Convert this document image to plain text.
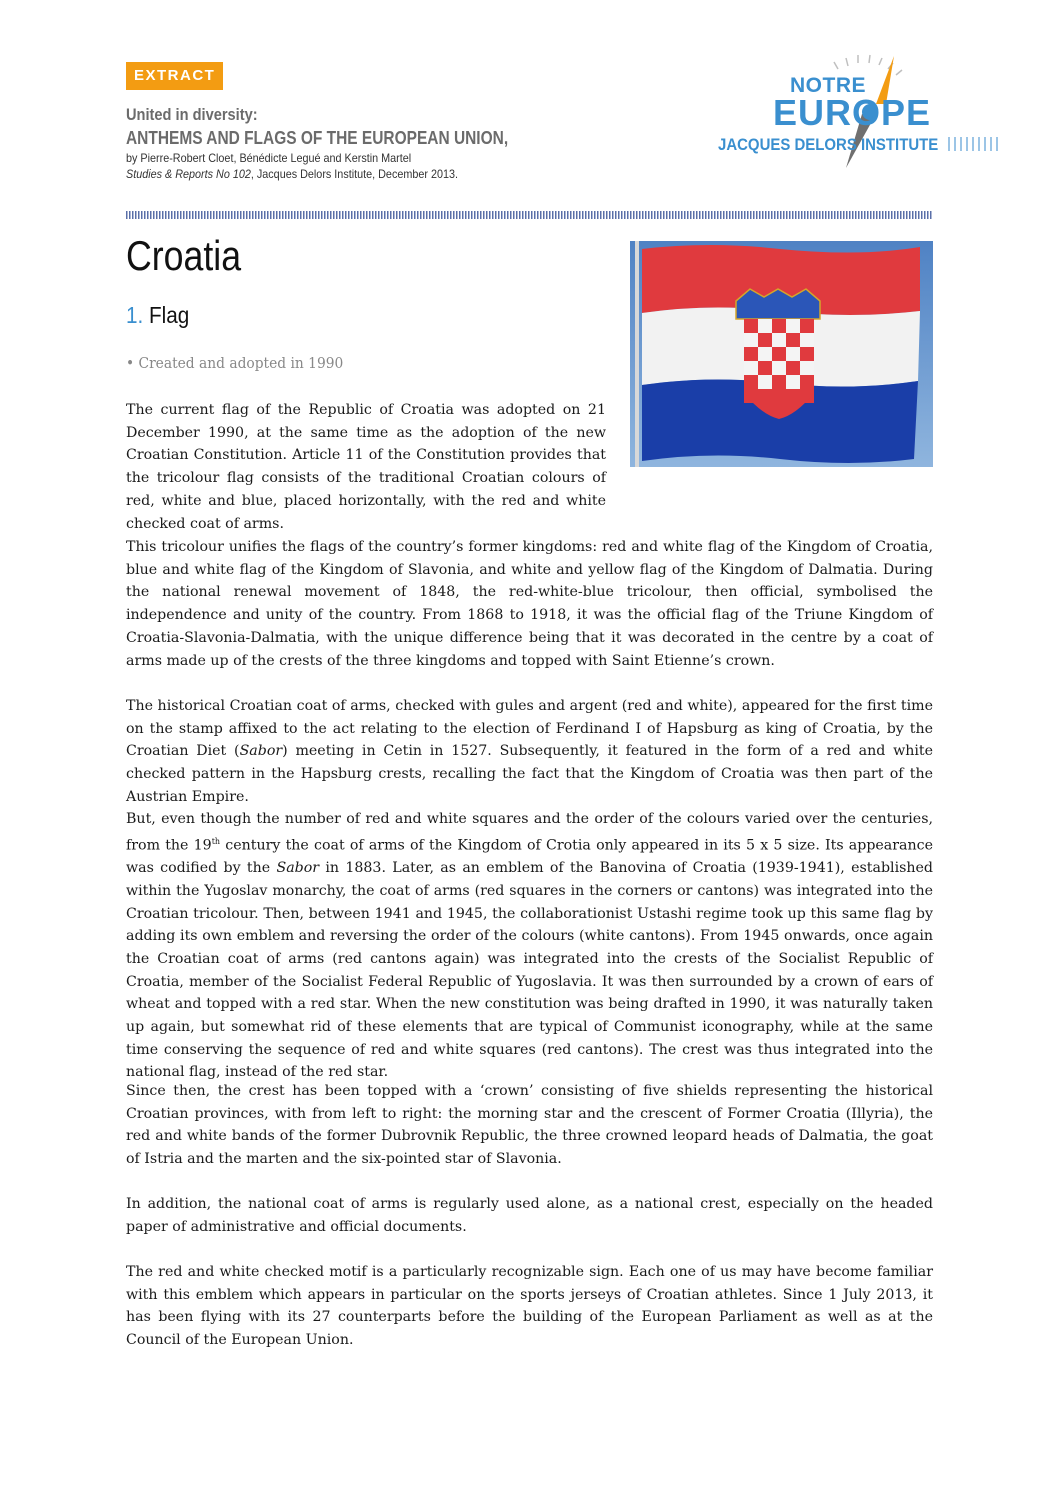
EXTRACT
United in diversity:
ANTHEMS AND FLAGS OF THE EUROPEAN UNION,
by Pierre-Robert Cloet, Bénédicte Legué and Kerstin Martel
Studies & Reports No 102, Jacques Delors Institute, December 2013.
NOTRE
EUROPE
JACQUES DELORS INSTITUTE
Croatia
1. Flag
• Created and adopted in 1990

The current flag of the Republic of Croatia was adopted on 21 December 1990, at the same time as the adoption of the new Croatian Constitution. Article 11 of the Constitution provides that the tricolour flag consists of the traditional Croatian colours of red, white and blue, placed horizontally, with the red and white checked coat of arms.

This tricolour unifies the flags of the country’s former kingdoms: red and white flag of the Kingdom of Croatia, blue and white flag of the Kingdom of Slavonia, and white and yellow flag of the Kingdom of Dalmatia. During the national renewal movement of 1848, the red-white-blue tricolour, then official, symbolised the independence and unity of the country. From 1868 to 1918, it was the official flag of the Triune Kingdom of Croatia-Slavonia-Dalmatia, with the unique difference being that it was decorated in the centre by a coat of arms made up of the crests of the three kingdoms and topped with Saint Etienne’s crown.

The historical Croatian coat of arms, checked with gules and argent (red and white), appeared for the first time on the stamp affixed to the act relating to the election of Ferdinand I of Hapsburg as king of Croatia, by the Croatian Diet (Sabor) meeting in Cetin in 1527. Subsequently, it featured in the form of a red and white checked pattern in the Hapsburg crests, recalling the fact that the Kingdom of Croatia was then part of the Austrian Empire.

But, even though the number of red and white squares and the order of the colours varied over the centuries, from the 19th century the coat of arms of the Kingdom of Crotia only appeared in its 5 x 5 size. Its appearance was codified by the Sabor in 1883. Later, as an emblem of the Banovina of Croatia (1939-1941), established within the Yugoslav monarchy, the coat of arms (red squares in the corners or cantons) was integrated into the Croatian tricolour. Then, between 1941 and 1945, the collaborationist Ustashi regime took up this same flag by adding its own emblem and reversing the order of the colours (white cantons). From 1945 onwards, once again the Croatian coat of arms (red cantons again) was integrated into the crests of the Socialist Republic of Croatia, member of the Socialist Federal Republic of Yugoslavia. It was then surrounded by a crown of ears of wheat and topped with a red star. When the new constitution was being drafted in 1990, it was naturally taken up again, but somewhat rid of these elements that are typical of Communist iconography, while at the same time conserving the sequence of red and white squares (red cantons). The crest was thus integrated into the national flag, instead of the red star.

Since then, the crest has been topped with a ‘crown’ consisting of five shields representing the historical Croatian provinces, with from left to right: the morning star and the crescent of Former Croatia (Illyria), the red and white bands of the former Dubrovnik Republic, the three crowned leopard heads of Dalmatia, the goat of Istria and the marten and the six-pointed star of Slavonia.

In addition, the national coat of arms is regularly used alone, as a national crest, especially on the headed paper of administrative and official documents.

The red and white checked motif is a particularly recognizable sign. Each one of us may have become familiar with this emblem which appears in particular on the sports jerseys of Croatian athletes. Since 1 July 2013, it has been flying with its 27 counterparts before the building of the European Parliament as well as at the Council of the European Union.
